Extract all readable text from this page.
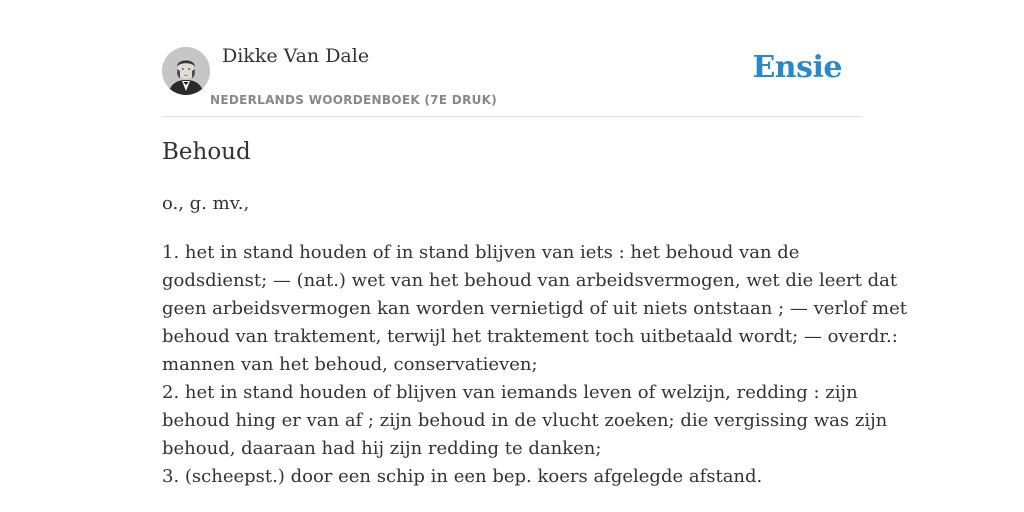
Dikke Van Dale
NEDERLANDS WOORDENBOEK (7E DRUK)
Ensie
Behoud

o., g. mv.,

1. het in stand houden of in stand blijven van iets : het behoud van de
godsdienst; — (nat.) wet van het behoud van arbeidsvermogen, wet die leert dat
geen arbeidsvermogen kan worden vernietigd of uit niets ontstaan ; — verlof met
behoud van traktement, terwijl het traktement toch uitbetaald wordt; — overdr.:
mannen van het behoud, conservatieven;
2. het in stand houden of blijven van iemands leven of welzijn, redding : zijn
behoud hing er van af ; zijn behoud in de vlucht zoeken; die vergissing was zijn
behoud, daaraan had hij zijn redding te danken;
3. (scheepst.) door een schip in een bep. koers afgelegde afstand.
